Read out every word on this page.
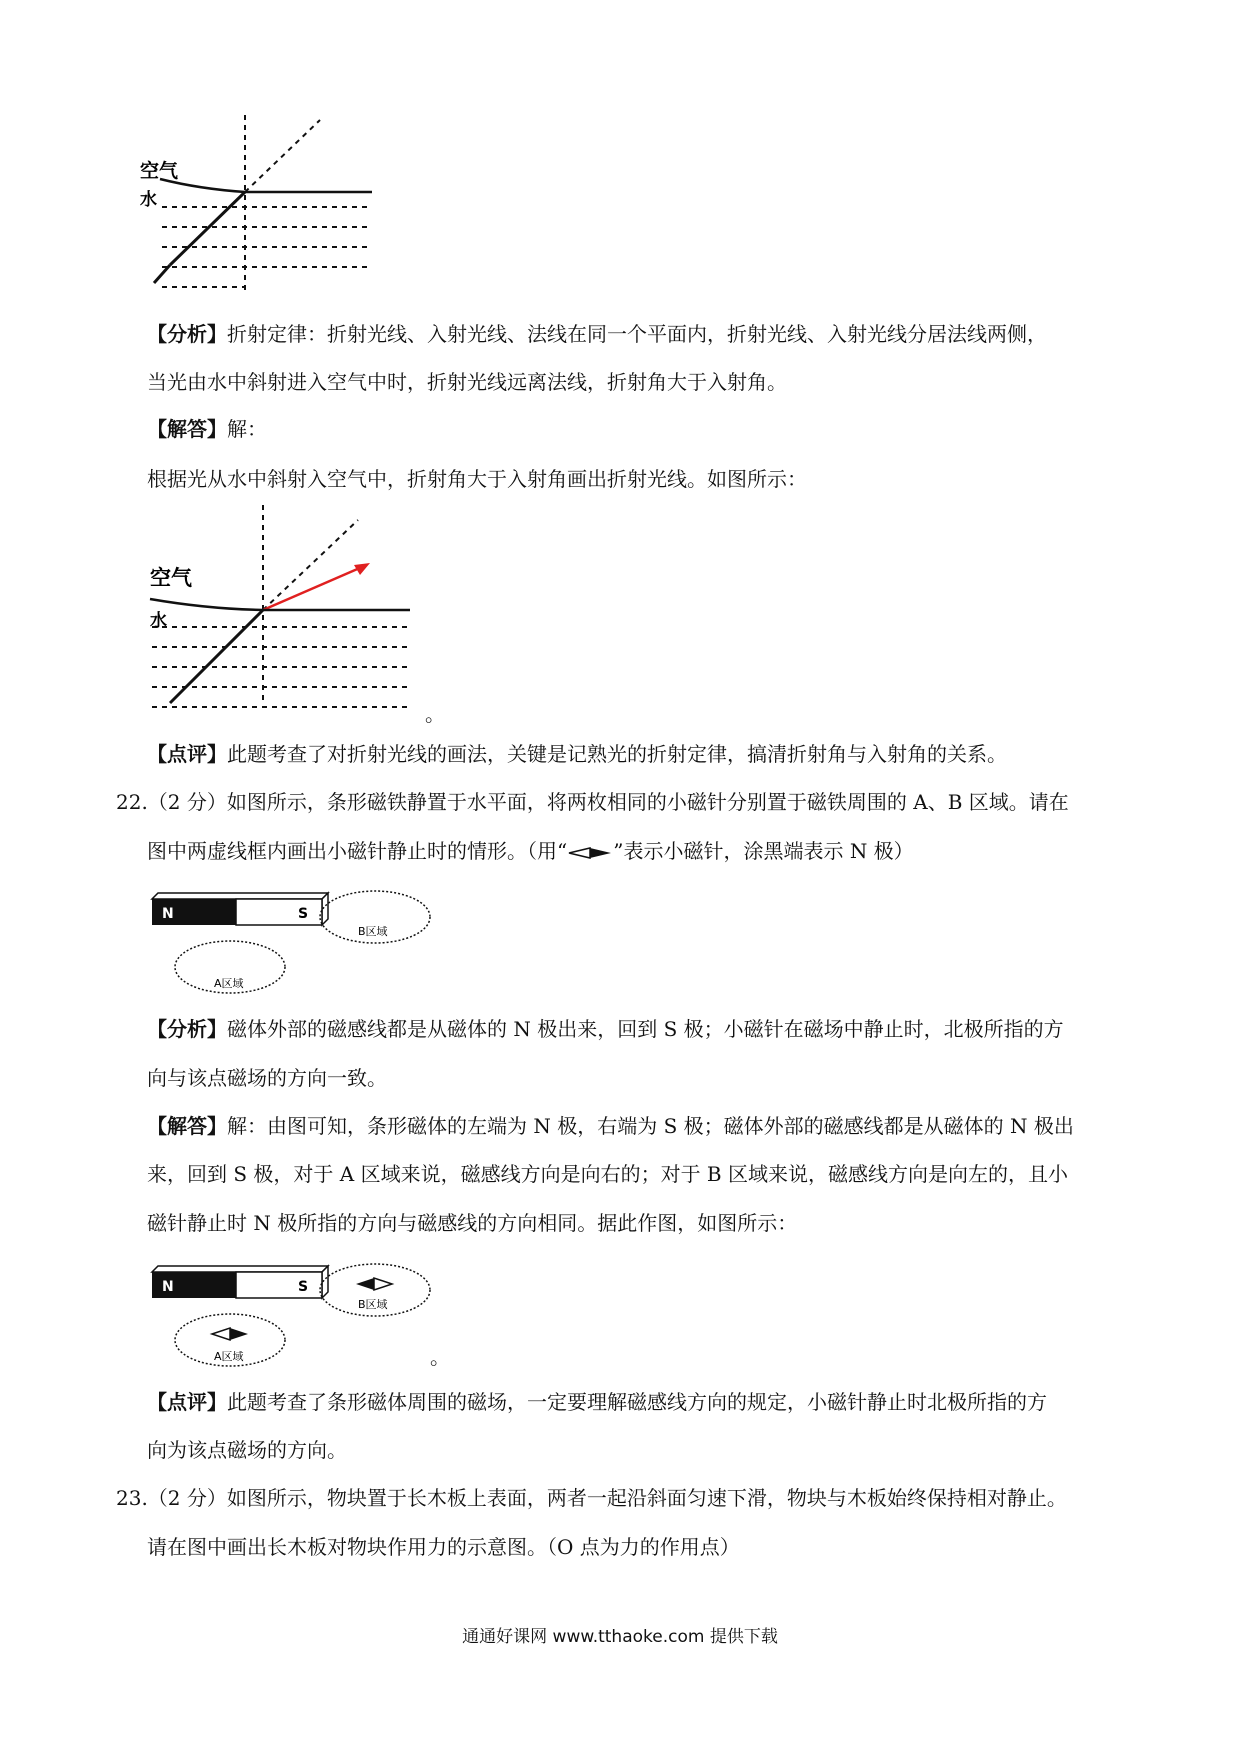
空气
水
【分析】折射定律：折射光线、入射光线、法线在同一个平面内，折射光线、入射光线分居法线两侧，
当光由水中斜射进入空气中时，折射光线远离法线，折射角大于入射角。
【解答】解：
根据光从水中斜射入空气中，折射角大于入射角画出折射光线。如图所示：
空气
水
。
【点评】此题考查了对折射光线的画法，关键是记熟光的折射定律，搞清折射角与入射角的关系。
22.（2 分）如图所示，条形磁铁静置于水平面，将两枚相同的小磁针分别置于磁铁周围的 A、B 区域。请在
图中两虚线框内画出小磁针静止时的情形。（用“ ”表示小磁针，涂黑端表示 N 极）
N	S
B区域
A区域
【分析】磁体外部的磁感线都是从磁体的 N 极出来，回到 S 极；小磁针在磁场中静止时，北极所指的方
向与该点磁场的方向一致。
【解答】解：由图可知，条形磁体的左端为 N 极，右端为 S 极；磁体外部的磁感线都是从磁体的 N 极出
来，回到 S 极，对于 A 区域来说，磁感线方向是向右的；对于 B 区域来说，磁感线方向是向左的，且小
磁针静止时 N 极所指的方向与磁感线的方向相同。据此作图，如图所示：
N	S
B区域
A区域	。
【点评】此题考查了条形磁体周围的磁场，一定要理解磁感线方向的规定，小磁针静止时北极所指的方
向为该点磁场的方向。
23.（2 分）如图所示，物块置于长木板上表面，两者一起沿斜面匀速下滑，物块与木板始终保持相对静止。
请在图中画出长木板对物块作用力的示意图。（O 点为力的作用点）
通通好课网 www.tthaoke.com 提供下载
